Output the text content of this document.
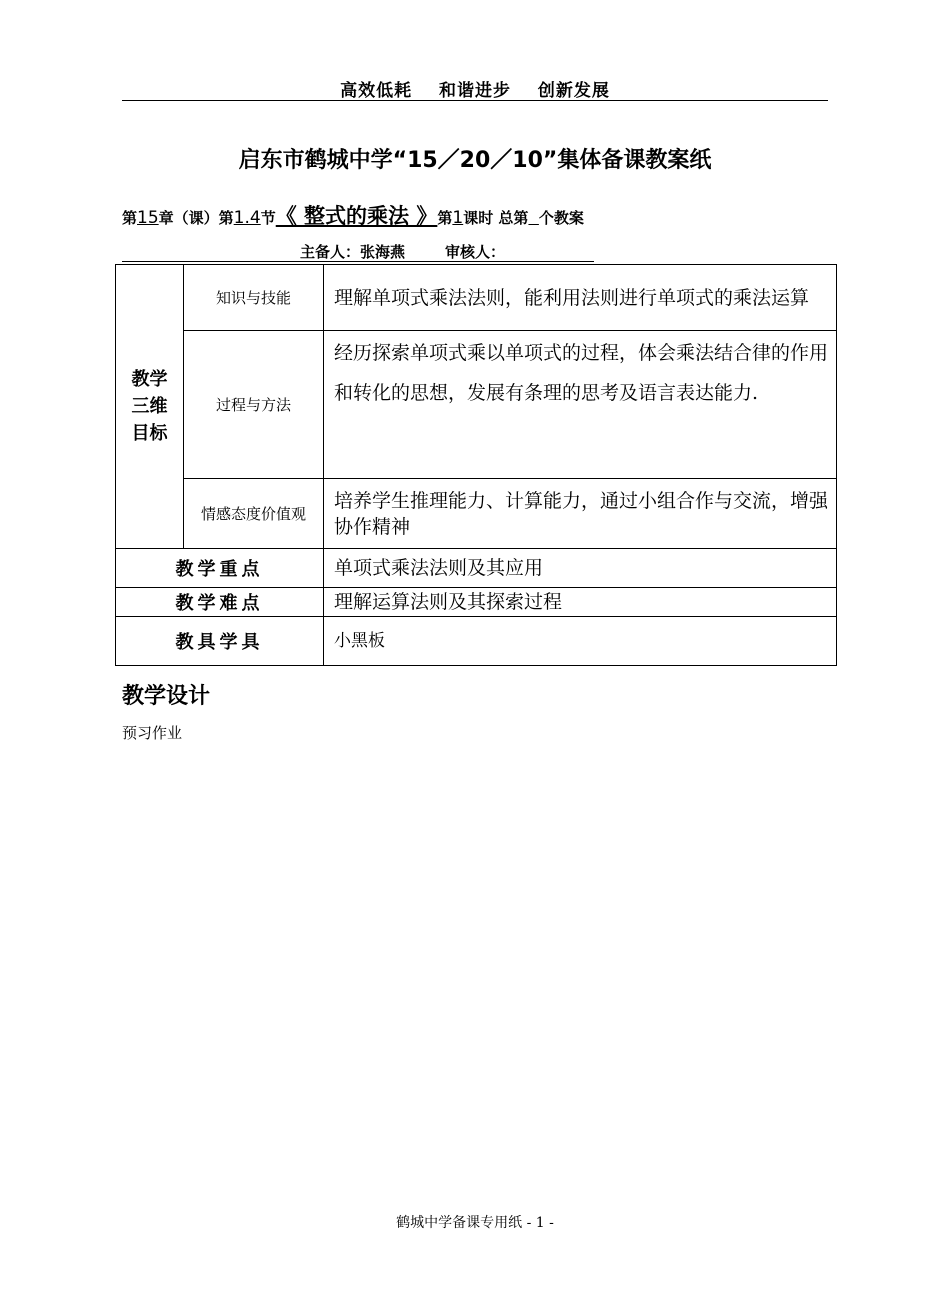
高效低耗 和谐进步 创新发展
启东市鹤城中学“15／20／10”集体备课教案纸
第15章（课）第1.4节《 整式的乘法 》第1课时 总第 个教案
主备人：张海燕	审核人：
教学三维目标	知识与技能	理解单项式乘法法则，能利用法则进行单项式的乘法运算
	过程与方法	经历探索单项式乘以单项式的过程，体会乘法结合律的作用和转化的思想，发展有条理的思考及语言表达能力.
	情感态度价值观	培养学生推理能力、计算能力，通过小组合作与交流，增强协作精神
教学重点		单项式乘法法则及其应用
教学难点		理解运算法则及其探索过程
教具学具		小黑板
教学设计
预习作业
鹤城中学备课专用纸 - 1 -
